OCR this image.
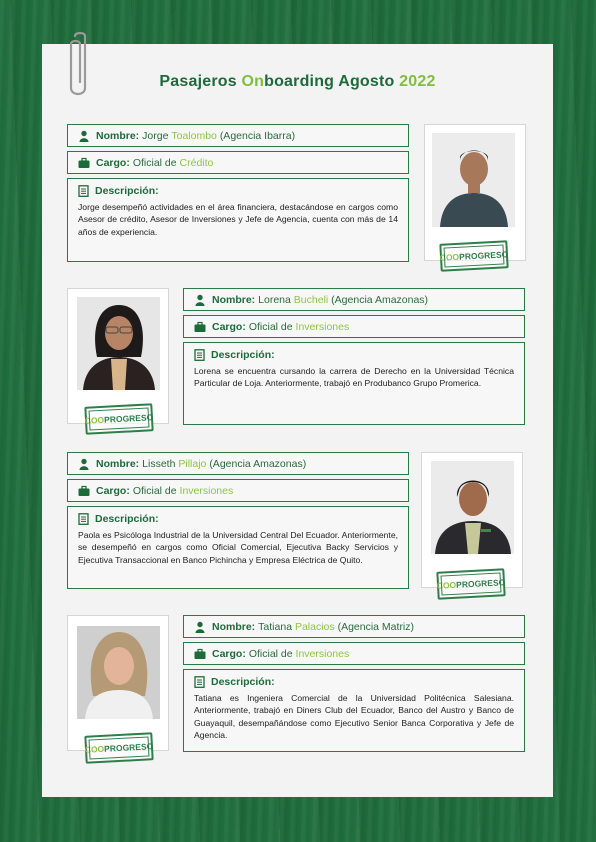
Pasajeros Onboarding Agosto 2022
Nombre: Jorge
Toalombo
(Agencia Ibarra)
Cargo: Oficial de
Crédito
Descripción:
Jorge desempeñó actividades en el área financiera, destacándose en cargos como Asesor de crédito, Asesor de Inversiones y Jefe de Agencia, cuenta con más de 14 años de experiencia.
COO PROGRESO
COO PROGRESO
Nombre: Lorena
Bucheli
(Agencia Amazonas)
Cargo: Oficial de
Inversiones
Descripción:
Lorena se encuentra cursando la carrera de Derecho en la Universidad Técnica Particular de Loja. Anteriormente, trabajó en Produbanco Grupo Promerica.
Nombre: Lisseth
Pillajo
(Agencia Amazonas)
Cargo: Oficial de
Inversiones
Descripción:
Paola es Psicóloga Industrial de la Universidad Central Del Ecuador. Anteriormente, se desempeñó en cargos como Oficial Comercial, Ejecutiva Backy Servicios y Ejecutiva Transaccional en Banco Pichincha y Empresa Eléctrica de Quito.
COO PROGRESO
COO PROGRESO
Nombre: Tatiana
Palacios
(Agencia Matriz)
Cargo: Oficial de
Inversiones
Descripción:
Tatiana es Ingeniera Comercial de la Universidad Politécnica Salesiana. Anteriormente, trabajó en Diners Club del Ecuador, Banco del Austro y Banco de Guayaquil, desempañándose como Ejecutivo Senior Banca Corporativa y Jefe de Agencia.
